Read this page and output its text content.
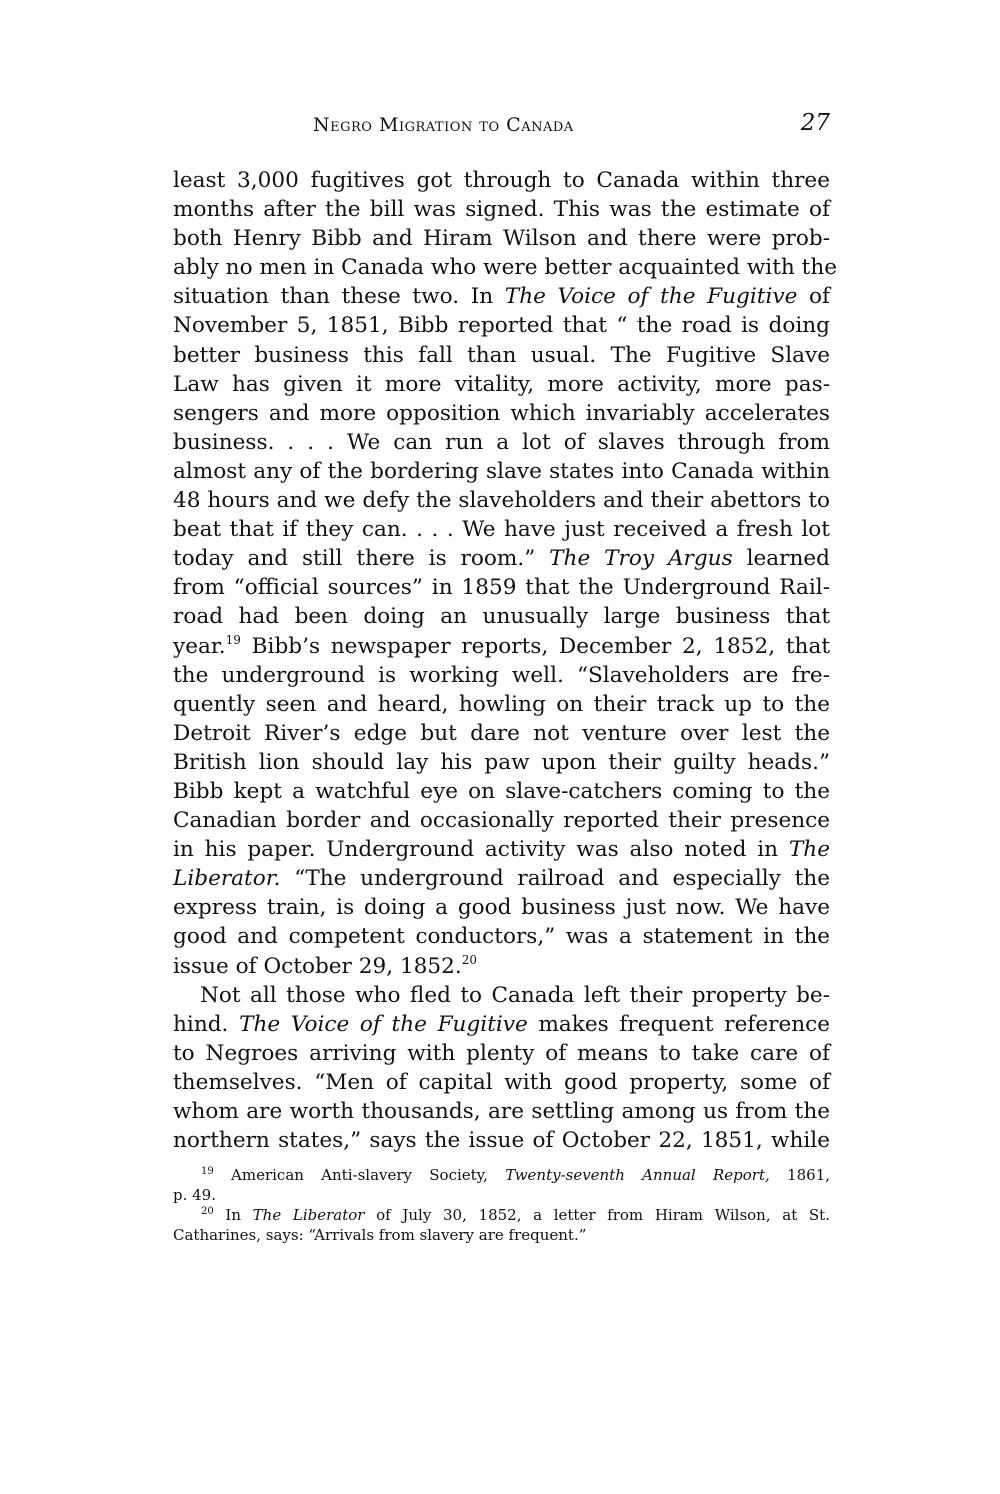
Negro Migration to Canada	27
least 3,000 fugitives got through to Canada within three
months after the bill was signed. This was the estimate of
both Henry Bibb and Hiram Wilson and there were prob-
ably no men in Canada who were better acquainted with the
situation than these two. In The Voice of the Fugitive of
November 5, 1851, Bibb reported that “ the road is doing
better business this fall than usual. The Fugitive Slave
Law has given it more vitality, more activity, more pas-
sengers and more opposition which invariably accelerates
business. . . . We can run a lot of slaves through from
almost any of the bordering slave states into Canada within
48 hours and we defy the slaveholders and their abettors to
beat that if they can. . . . We have just received a fresh lot
today and still there is room.” The Troy Argus learned
from “official sources” in 1859 that the Underground Rail-
road had been doing an unusually large business that
year.$^{19}$ Bibb’s newspaper reports, December 2, 1852, that
the underground is working well. “Slaveholders are fre-
quently seen and heard, howling on their track up to the
Detroit River’s edge but dare not venture over lest the
British lion should lay his paw upon their guilty heads.”
Bibb kept a watchful eye on slave-catchers coming to the
Canadian border and occasionally reported their presence
in his paper. Underground activity was also noted in The
Liberator. “The underground railroad and especially the
express train, is doing a good business just now. We have
good and competent conductors,” was a statement in the
issue of October 29, 1852.20
Not all those who fled to Canada left their property be-
hind. The Voice of the Fugitive makes frequent reference
to Negroes arriving with plenty of means to take care of
themselves. “Men of capital with good property, some of
whom are worth thousands, are settling among us from the
northern states,” says the issue of October 22, 1851, while
$^{19}$ American Anti-slavery Society, Twenty-seventh Annual Report, 1861,
p. 49.
$^{20}$ In The Liberator of July 30, 1852, a letter from Hiram Wilson, at St.
Catharines, says: “Arrivals from slavery are frequent.”
